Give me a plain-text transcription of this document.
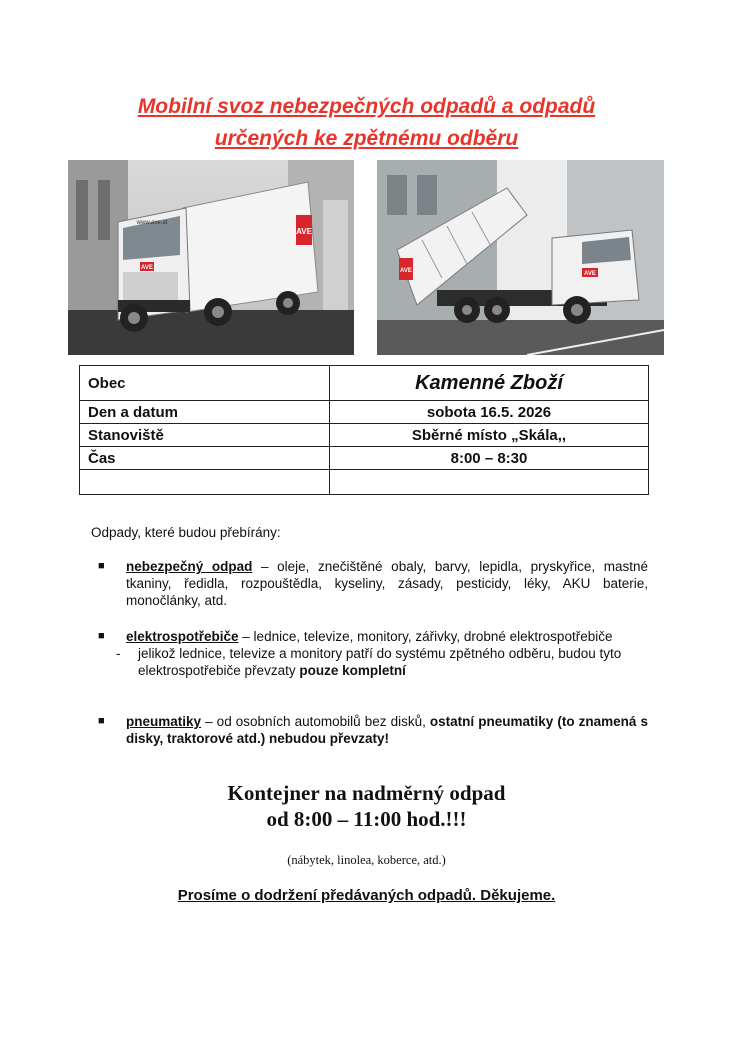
Mobilní svoz nebezpečných odpadů a odpadů
určených ke zpětnému odběru
AVE
www.ave.at
AVE	AVE	AVE
Obec	Kamenné Zboží
Den a datum	sobota 16.5. 2026
Stanoviště	Sběrné místo „Skála,,
Čas	8:00 – 8:30

Odpady, které budou přebírány:
■ nebezpečný odpad – oleje, znečištěné obaly, barvy, lepidla, pryskyřice, mastné tkaniny, ředidla, rozpouštědla, kyseliny, zásady, pesticidy, léky, AKU baterie, monočlánky, atd.
■ elektrospotřebiče – lednice, televize, monitory, zářivky, drobné elektrospotřebiče
- jelikož lednice, televize a monitory patří do systému zpětného odběru, budou tyto elektrospotřebiče převzaty pouze kompletní
■ pneumatiky – od osobních automobilů bez disků, ostatní pneumatiky (to znamená s disky, traktorové atd.) nebudou převzaty!
Kontejner na nadměrný odpad
od 8:00 – 11:00 hod.!!!
(nábytek, linolea, koberce, atd.)
Prosíme o dodržení předávaných odpadů. Děkujeme.
